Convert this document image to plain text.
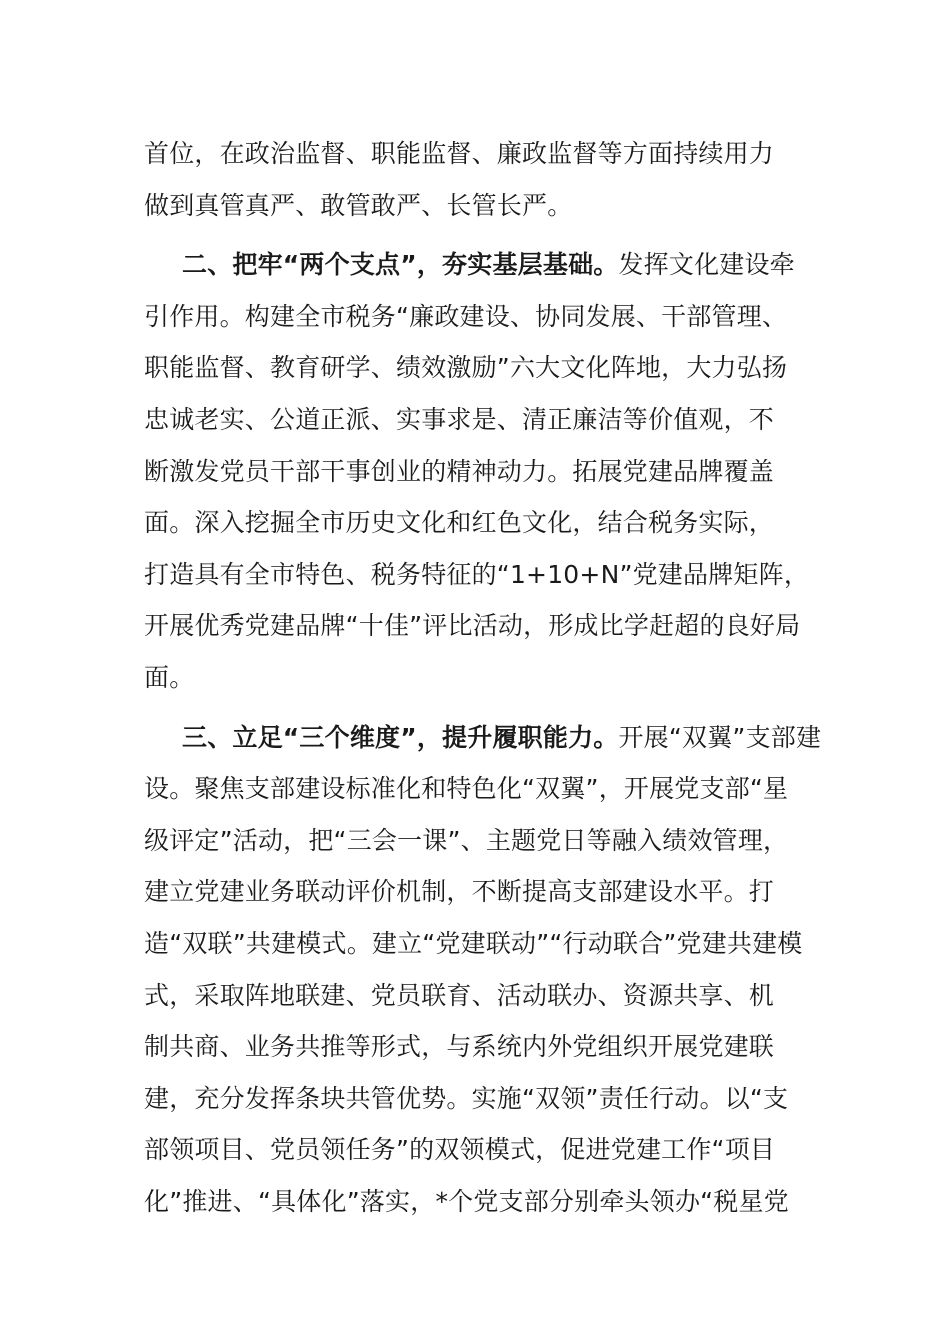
首位，在政治监督、职能监督、廉政监督等方面持续用力
做到真管真严、敢管敢严、长管长严。
二、把牢“两个支点”，夯实基层基础。发挥文化建设牵
引作用。构建全市税务“廉政建设、协同发展、干部管理、
职能监督、教育研学、绩效激励”六大文化阵地，大力弘扬
忠诚老实、公道正派、实事求是、清正廉洁等价值观，不
断激发党员干部干事创业的精神动力。拓展党建品牌覆盖
面。深入挖掘全市历史文化和红色文化，结合税务实际，
打造具有全市特色、税务特征的“1+10+N”党建品牌矩阵，
开展优秀党建品牌“十佳”评比活动，形成比学赶超的良好局
面。
三、立足“三个维度”，提升履职能力。开展“双翼”支部建
设。聚焦支部建设标准化和特色化“双翼”，开展党支部“星
级评定”活动，把“三会一课”、主题党日等融入绩效管理，
建立党建业务联动评价机制，不断提高支部建设水平。打
造“双联”共建模式。建立“党建联动”“行动联合”党建共建模
式，采取阵地联建、党员联育、活动联办、资源共享、机
制共商、业务共推等形式，与系统内外党组织开展党建联
建，充分发挥条块共管优势。实施“双领”责任行动。以“支
部领项目、党员领任务”的双领模式，促进党建工作“项目
化”推进、“具体化”落实，*个党支部分别牵头领办“税星党
